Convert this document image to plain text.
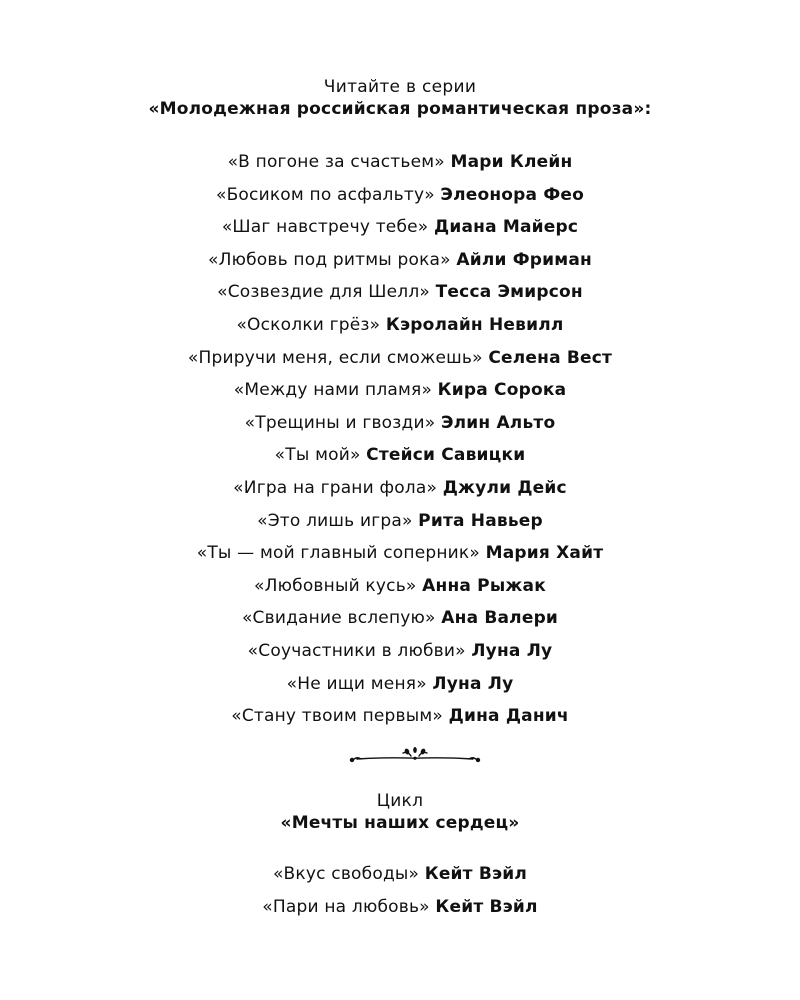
Читайте в серии
«Молодежная российская романтическая проза»:
«В погоне за счастьем» Мари Клейн
«Босиком по асфальту» Элеонора Фео
«Шаг навстречу тебе» Диана Майерс
«Любовь под ритмы рока» Айли Фриман
«Созвездие для Шелл» Тесса Эмирсон
«Осколки грёз» Кэролайн Невилл
«Приручи меня, если сможешь» Селена Вест
«Между нами пламя» Кира Сорока
«Трещины и гвозди» Элин Альто
«Ты мой» Стейси Савицки
«Игра на грани фола» Джули Дейс
«Это лишь игра» Рита Навьер
«Ты — мой главный соперник» Мария Хайт
«Любовный кусь» Анна Рыжак
«Свидание вслепую» Ана Валери
«Соучастники в любви» Луна Лу
«Не ищи меня» Луна Лу
«Стану твоим первым» Дина Данич
Цикл
«Мечты наших сердец»
«Вкус свободы» Кейт Вэйл
«Пари на любовь» Кейт Вэйл
